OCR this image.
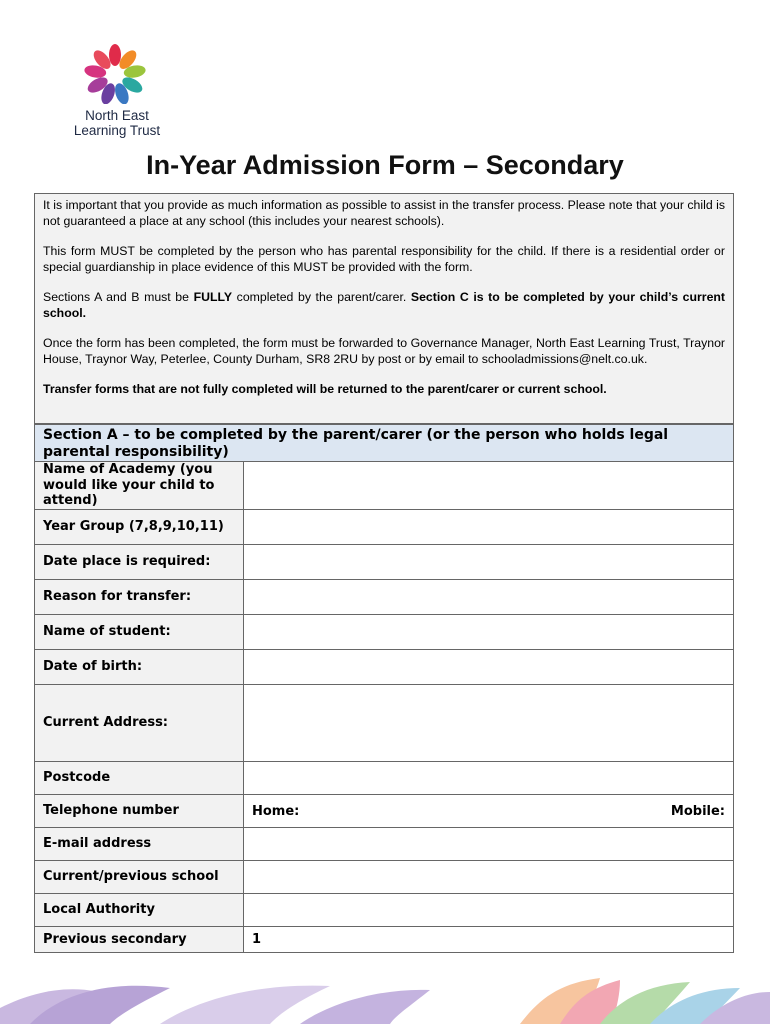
North East
Learning Trust
In-Year Admission Form – Secondary

It is important that you provide as much information as possible to assist in the transfer process. Please note that your child is not guaranteed a place at any school (this includes your nearest schools).

This form MUST be completed by the person who has parental responsibility for the child. If there is a residential order or special guardianship in place evidence of this MUST be provided with the form.

Sections A and B must be FULLY completed by the parent/carer. Section C is to be completed by your child’s current school.

Once the form has been completed, the form must be forwarded to Governance Manager, North East Learning Trust, Traynor House, Traynor Way, Peterlee, County Durham, SR8 2RU by post or by email to schooladmissions@nelt.co.uk.

Transfer forms that are not fully completed will be returned to the parent/carer or current school.

Section A – to be completed by the parent/carer (or the person who holds legal parental responsibility)
Name of Academy (you would like your child to attend)	
Year Group (7,8,9,10,11)	
Date place is required:	
Reason for transfer:	
Name of student:	
Date of birth:	
Current Address:	
Postcode	
Telephone number	Home: Mobile:

E-mail address	
Current/previous school	
Local Authority	
Previous secondary	1
